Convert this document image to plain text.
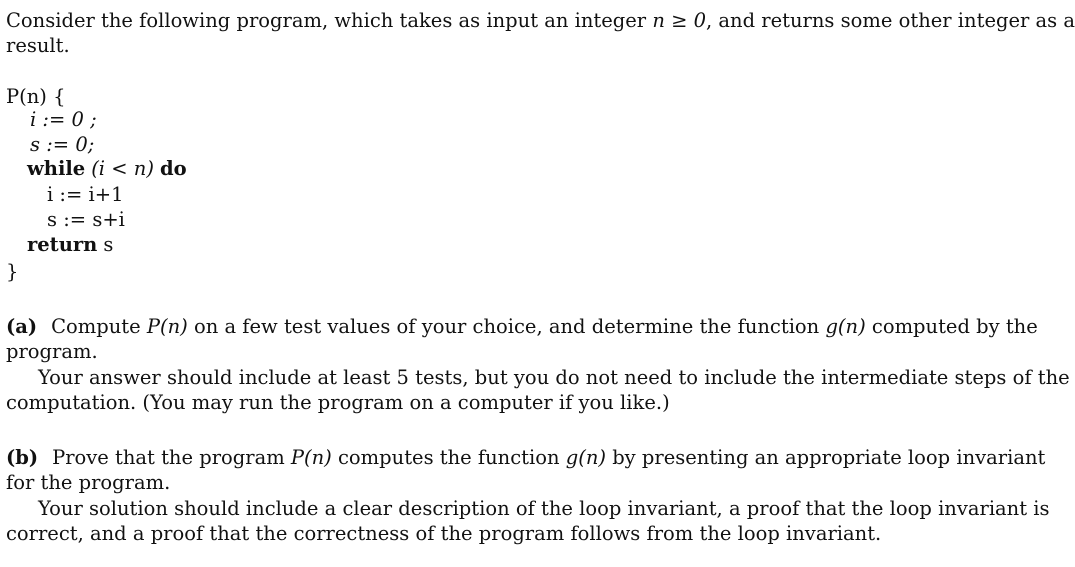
Consider the following program, which takes as input an integer n ≥ 0, and returns some other integer as a
result.
P(n) {
i := 0 ;
s := 0;
while (i < n) do
i := i+1
s := s+i
return s
}
(a) Compute P(n) on a few test values of your choice, and determine the function g(n) computed by the
program.
Your answer should include at least 5 tests, but you do not need to include the intermediate steps of the
computation. (You may run the program on a computer if you like.)
(b) Prove that the program P(n) computes the function g(n) by presenting an appropriate loop invariant
for the program.
Your solution should include a clear description of the loop invariant, a proof that the loop invariant is
correct, and a proof that the correctness of the program follows from the loop invariant.
